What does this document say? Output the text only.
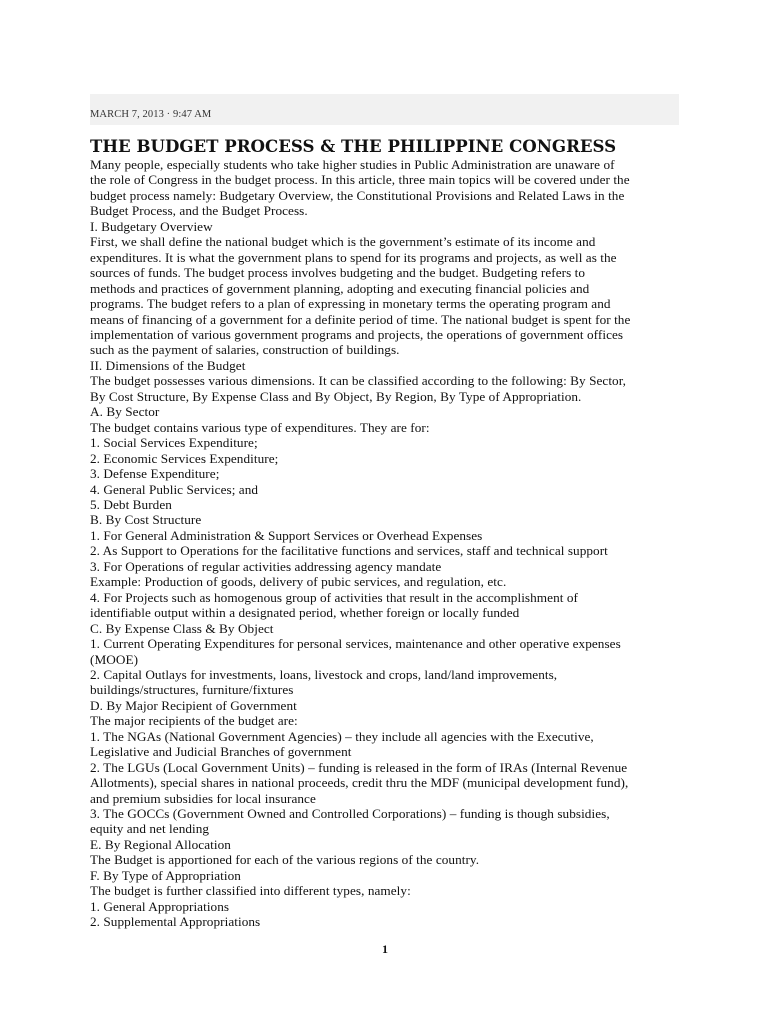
MARCH 7, 2013 · 9:47 AM
THE BUDGET PROCESS & THE PHILIPPINE CONGRESS
Many people, especially students who take higher studies in Public Administration are unaware of
the role of Congress in the budget process. In this article, three main topics will be covered under the
budget process namely: Budgetary Overview, the Constitutional Provisions and Related Laws in the
Budget Process, and the Budget Process.
I. Budgetary Overview
First, we shall define the national budget which is the government’s estimate of its income and
expenditures. It is what the government plans to spend for its programs and projects, as well as the
sources of funds. The budget process involves budgeting and the budget. Budgeting refers to
methods and practices of government planning, adopting and executing financial policies and
programs. The budget refers to a plan of expressing in monetary terms the operating program and
means of financing of a government for a definite period of time. The national budget is spent for the
implementation of various government programs and projects, the operations of government offices
such as the payment of salaries, construction of buildings.
II. Dimensions of the Budget
The budget possesses various dimensions. It can be classified according to the following: By Sector,
By Cost Structure, By Expense Class and By Object, By Region, By Type of Appropriation.
A. By Sector
The budget contains various type of expenditures. They are for:
1. Social Services Expenditure;
2. Economic Services Expenditure;
3. Defense Expenditure;
4. General Public Services; and
5. Debt Burden
B. By Cost Structure
1. For General Administration & Support Services or Overhead Expenses
2. As Support to Operations for the facilitative functions and services, staff and technical support
3. For Operations of regular activities addressing agency mandate
Example: Production of goods, delivery of pubic services, and regulation, etc.
4. For Projects such as homogenous group of activities that result in the accomplishment of
identifiable output within a designated period, whether foreign or locally funded
C. By Expense Class & By Object
1. Current Operating Expenditures for personal services, maintenance and other operative expenses
(MOOE)
2. Capital Outlays for investments, loans, livestock and crops, land/land improvements,
buildings/structures, furniture/fixtures
D. By Major Recipient of Government
The major recipients of the budget are:
1. The NGAs (National Government Agencies) – they include all agencies with the Executive,
Legislative and Judicial Branches of government
2. The LGUs (Local Government Units) – funding is released in the form of IRAs (Internal Revenue
Allotments), special shares in national proceeds, credit thru the MDF (municipal development fund),
and premium subsidies for local insurance
3. The GOCCs (Government Owned and Controlled Corporations) – funding is though subsidies,
equity and net lending
E. By Regional Allocation
The Budget is apportioned for each of the various regions of the country.
F. By Type of Appropriation
The budget is further classified into different types, namely:
1. General Appropriations
2. Supplemental Appropriations
1
